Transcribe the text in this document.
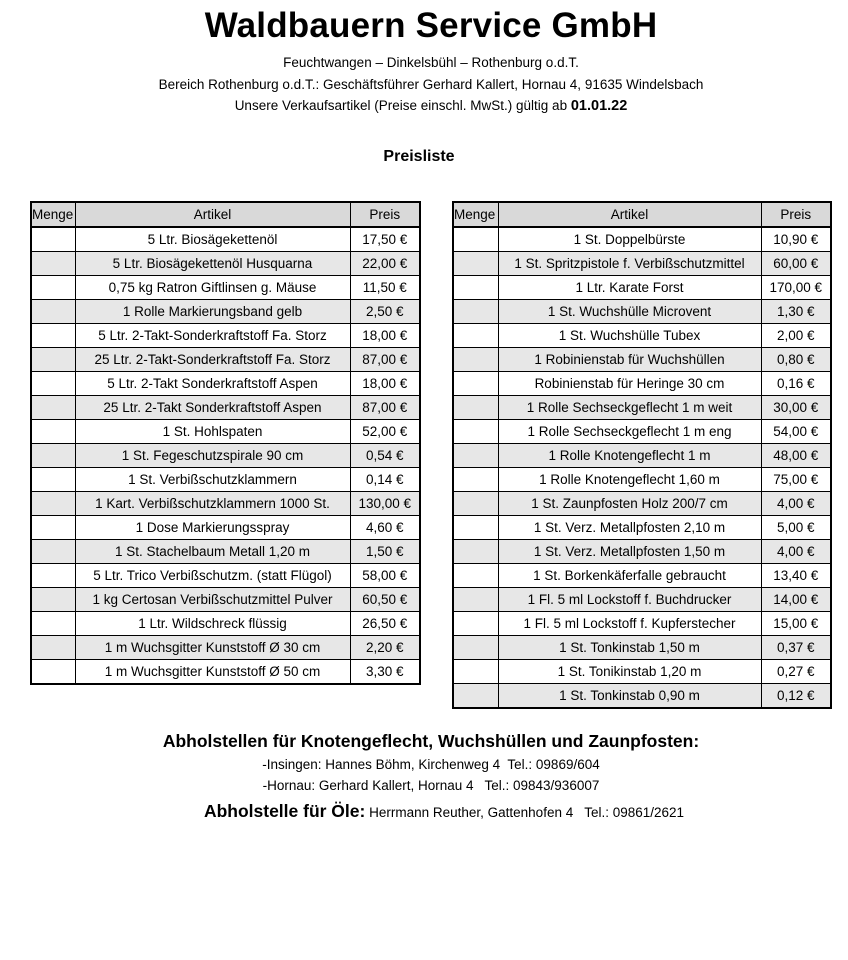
Waldbauern Service GmbH
Feuchtwangen – Dinkelsbühl – Rothenburg o.d.T.
Bereich Rothenburg o.d.T.: Geschäftsführer Gerhard Kallert, Hornau 4, 91635 Windelsbach
Unsere Verkaufsartikel (Preise einschl. MwSt.) gültig ab 01.01.22
Preisliste
Menge	Artikel	Preis
	5 Ltr. Biosägekettenöl	17,50 €
	5 Ltr. Biosägekettenöl Husquarna	22,00 €
	0,75 kg Ratron Giftlinsen g. Mäuse	11,50 €
	1 Rolle Markierungsband gelb	2,50 €
	5 Ltr. 2-Takt-Sonderkraftstoff Fa. Storz	18,00 €
	25 Ltr. 2-Takt-Sonderkraftstoff Fa. Storz	87,00 €
	5 Ltr. 2-Takt Sonderkraftstoff Aspen	18,00 €
	25 Ltr. 2-Takt Sonderkraftstoff Aspen	87,00 €
	1 St. Hohlspaten	52,00 €
	1 St. Fegeschutzspirale 90 cm	0,54 €
	1 St. Verbißschutzklammern	0,14 €
	1 Kart. Verbißschutzklammern 1000 St.	130,00 €
	1 Dose Markierungsspray	4,60 €
	1 St. Stachelbaum Metall 1,20 m	1,50 €
	5 Ltr. Trico Verbißschutzm. (statt Flügol)	58,00 €
	1 kg Certosan Verbißschutzmittel Pulver	60,50 €
	1 Ltr. Wildschreck flüssig	26,50 €
	1 m Wuchsgitter Kunststoff Ø 30 cm	2,20 €
	1 m Wuchsgitter Kunststoff Ø 50 cm	3,30 €
Menge	Artikel	Preis
	1 St. Doppelbürste	10,90 €
	1 St. Spritzpistole f. Verbißschutzmittel	60,00 €
	1 Ltr. Karate Forst	170,00 €
	1 St. Wuchshülle Microvent	1,30 €
	1 St. Wuchshülle Tubex	2,00 €
	1 Robinienstab für Wuchshüllen	0,80 €
	Robinienstab für Heringe 30 cm	0,16 €
	1 Rolle Sechseckgeflecht 1 m weit	30,00 €
	1 Rolle Sechseckgeflecht 1 m eng	54,00 €
	1 Rolle Knotengeflecht 1 m	48,00 €
	1 Rolle Knotengeflecht 1,60 m	75,00 €
	1 St. Zaunpfosten Holz 200/7 cm	4,00 €
	1 St. Verz. Metallpfosten 2,10 m	5,00 €
	1 St. Verz. Metallpfosten 1,50 m	4,00 €
	1 St. Borkenkäferfalle gebraucht	13,40 €
	1 Fl. 5 ml Lockstoff f. Buchdrucker	14,00 €
	1 Fl. 5 ml Lockstoff f. Kupferstecher	15,00 €
	1 St. Tonkinstab 1,50 m	0,37 €
	1 St. Tonikinstab 1,20 m	0,27 €
	1 St. Tonkinstab 0,90 m	0,12 €
Abholstellen für Knotengeflecht, Wuchshüllen und Zaunpfosten:
-Insingen: Hannes Böhm, Kirchenweg 4  Tel.: 09869/604
-Hornau: Gerhard Kallert, Hornau 4   Tel.: 09843/936007
Abholstelle für Öle: Herrmann Reuther, Gattenhofen 4   Tel.: 09861/2621
